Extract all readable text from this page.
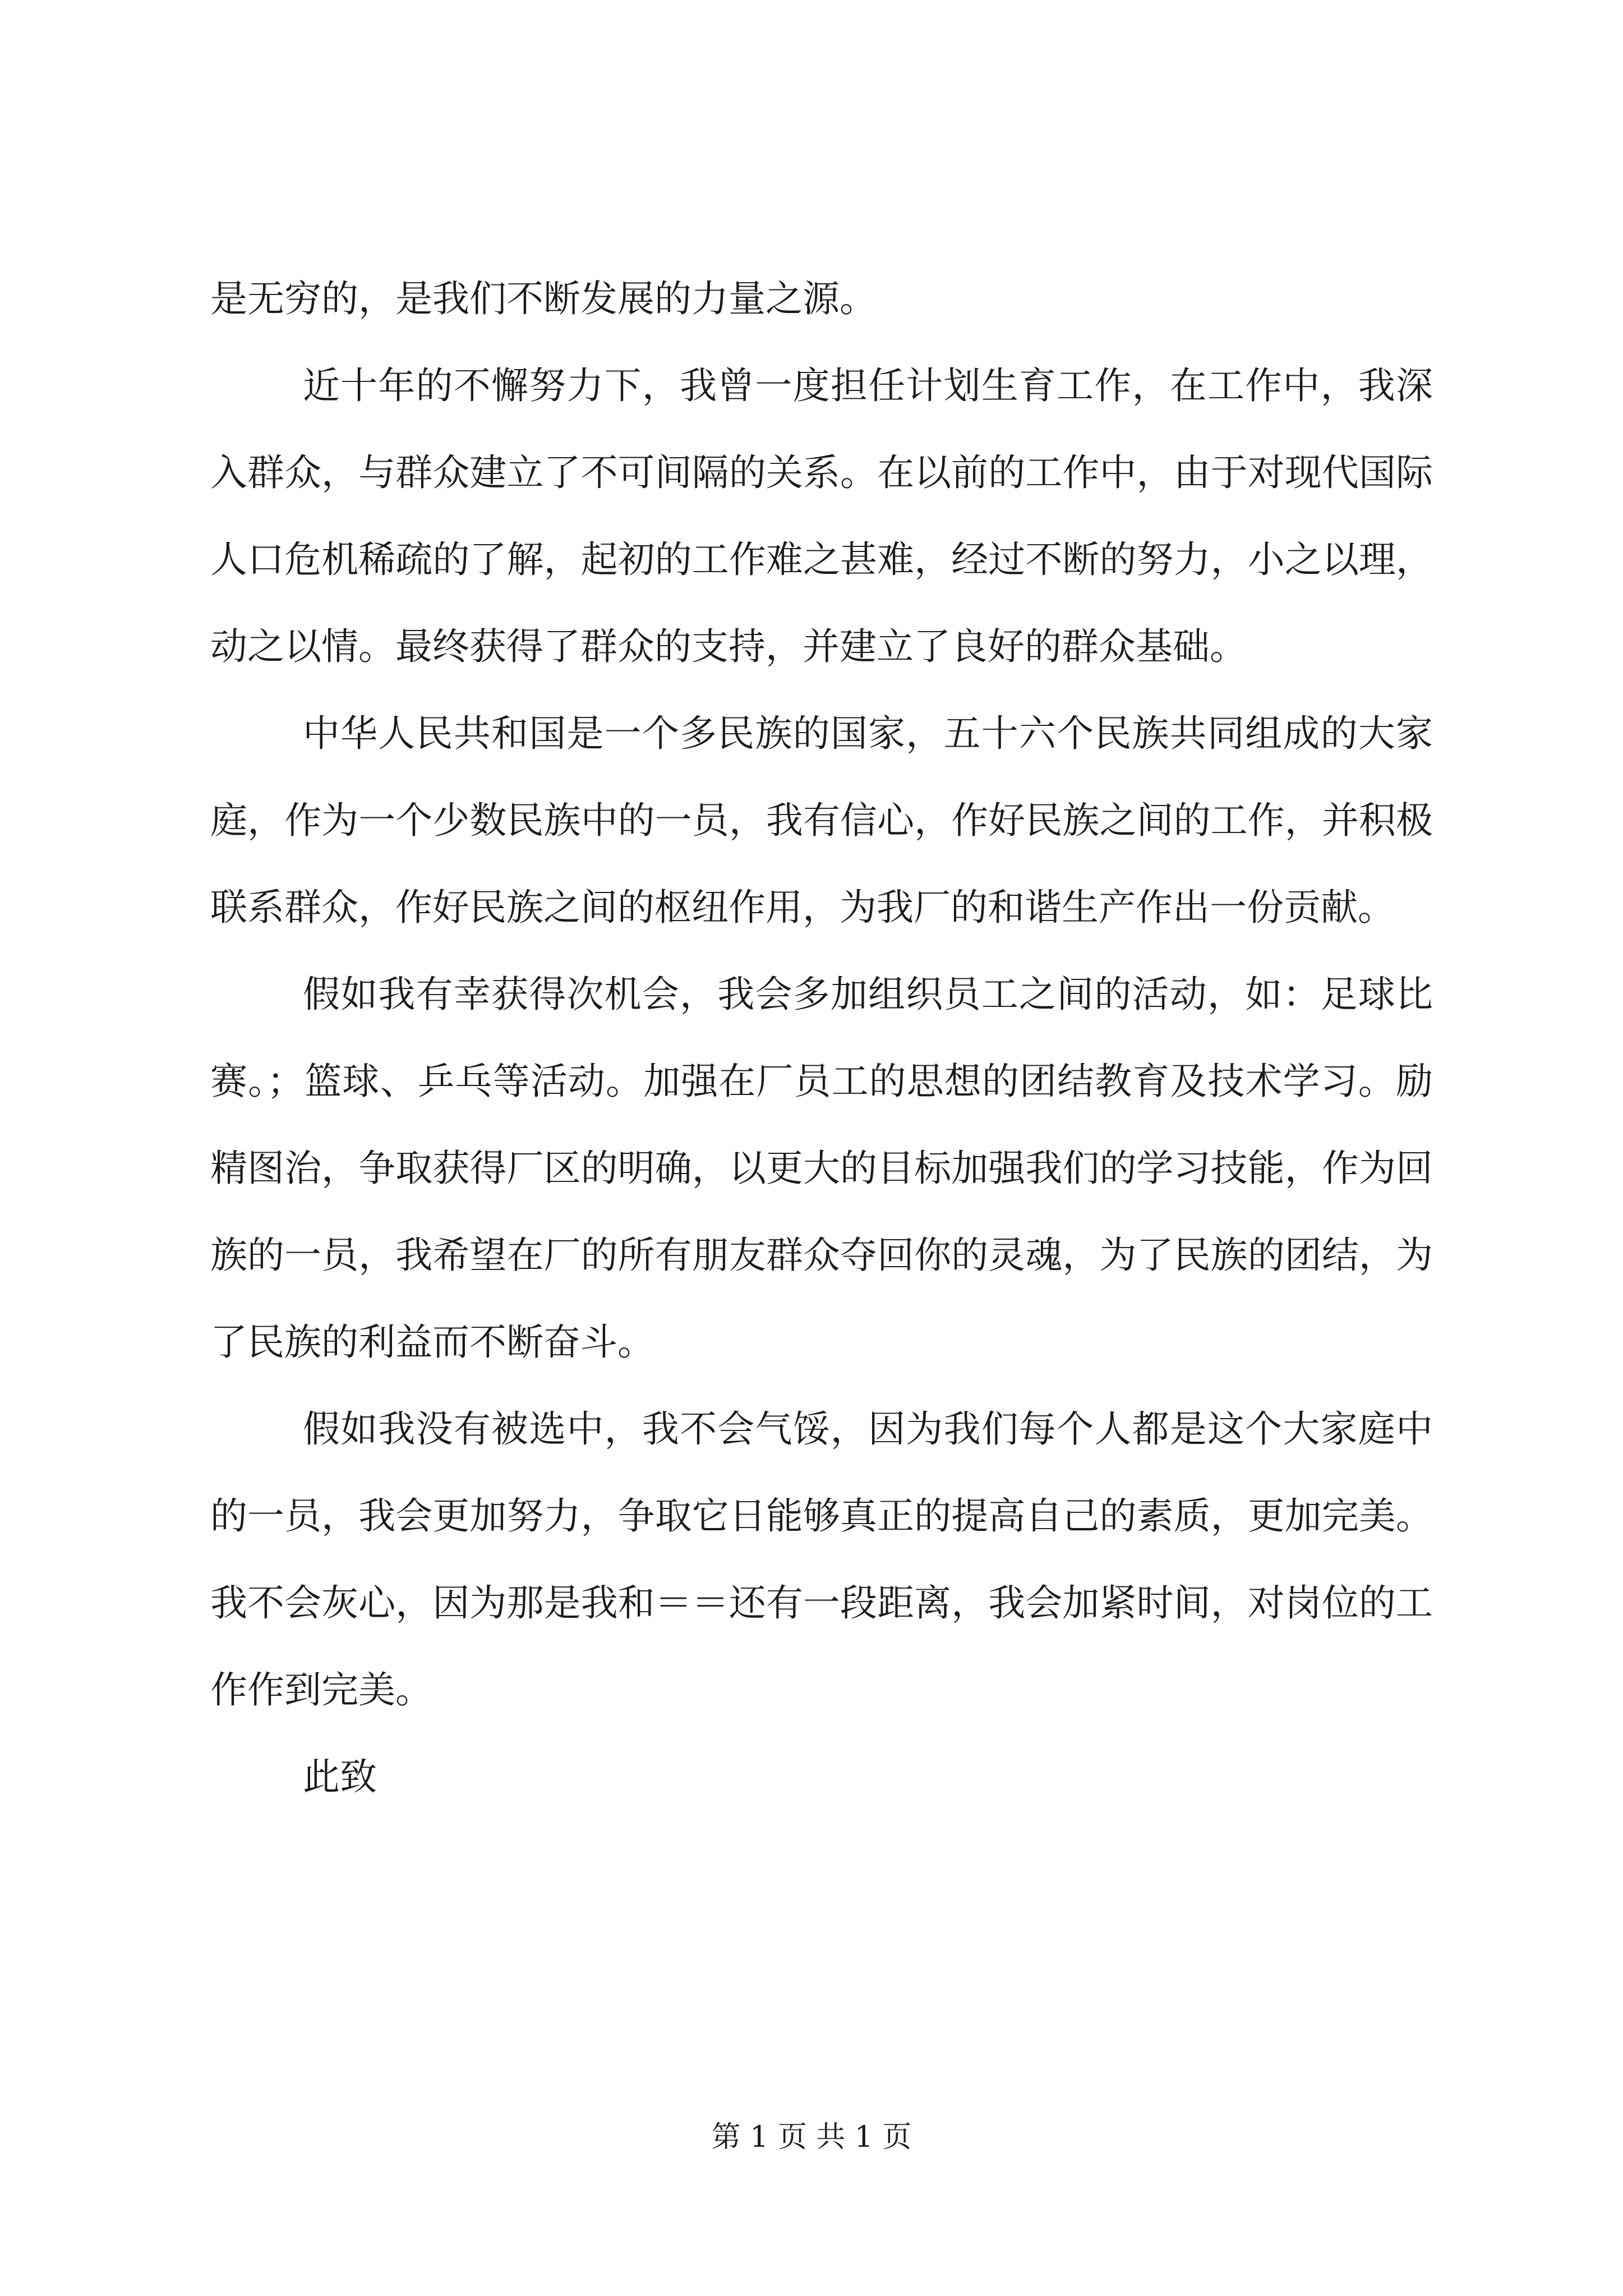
是无穷的，是我们不断发展的力量之源。

近十年的不懈努力下，我曾一度担任计划生育工作，在工作中，我深入群众，与群众建立了不可间隔的关系。在以前的工作中，由于对现代国际人口危机稀疏的了解，起初的工作难之甚难，经过不断的努力，小之以理，动之以情。最终获得了群众的支持，并建立了良好的群众基础。

中华人民共和国是一个多民族的国家，五十六个民族共同组成的大家庭，作为一个少数民族中的一员，我有信心，作好民族之间的工作，并积极联系群众，作好民族之间的枢纽作用，为我厂的和谐生产作出一份贡献。

假如我有幸获得次机会，我会多加组织员工之间的活动，如：足球比赛。；篮球、乒乓等活动。加强在厂员工的思想的团结教育及技术学习。励精图治，争取获得厂区的明确，以更大的目标加强我们的学习技能，作为回族的一员，我希望在厂的所有朋友群众夺回你的灵魂，为了民族的团结，为了民族的利益而不断奋斗。

假如我没有被选中，我不会气馁，因为我们每个人都是这个大家庭中的一员，我会更加努力，争取它日能够真正的提高自己的素质，更加完美。我不会灰心，因为那是我和＝＝还有一段距离，我会加紧时间，对岗位的工作作到完美。

此致

第 1 页 共 1 页
